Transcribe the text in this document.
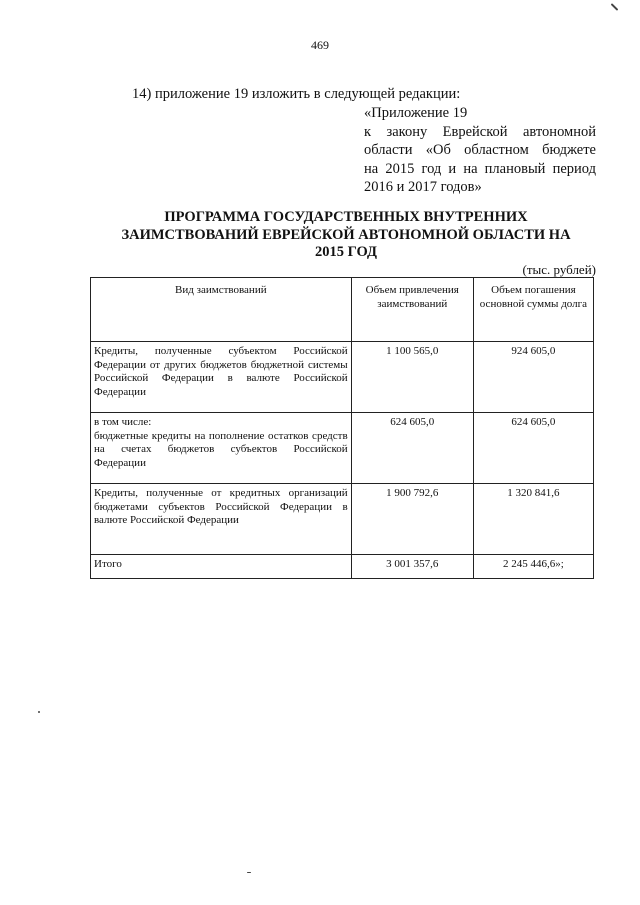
469
14) приложение 19 изложить в следующей редакции:
«Приложение 19
к закону Еврейской автономной
области «Об областном бюджете
на 2015 год и на плановый период
2016 и 2017 годов»
ПРОГРАММА ГОСУДАРСТВЕННЫХ ВНУТРЕННИХ
ЗАИМСТВОВАНИЙ ЕВРЕЙСКОЙ АВТОНОМНОЙ ОБЛАСТИ НА
2015 ГОД
(тыс. рублей)
Вид заимствований	Объем привлечения заимствований	Объем погашения основной суммы долга
Кредиты, полученные субъектом Российской Федерации от других бюджетов бюджетной системы Российской Федерации в валюте Российской Федерации	1 100 565,0	924 605,0

в том числе:
бюджетные кредиты на пополнение остатков средств на счетах бюджетов субъектов Российской Федерации	624 605,0	624 605,0
Кредиты, полученные от кредитных организаций бюджетами субъектов Российской Федерации в валюте Российской Федерации	1 900 792,6	1 320 841,6
Итого	3 001 357,6	2 245 446,6»;
